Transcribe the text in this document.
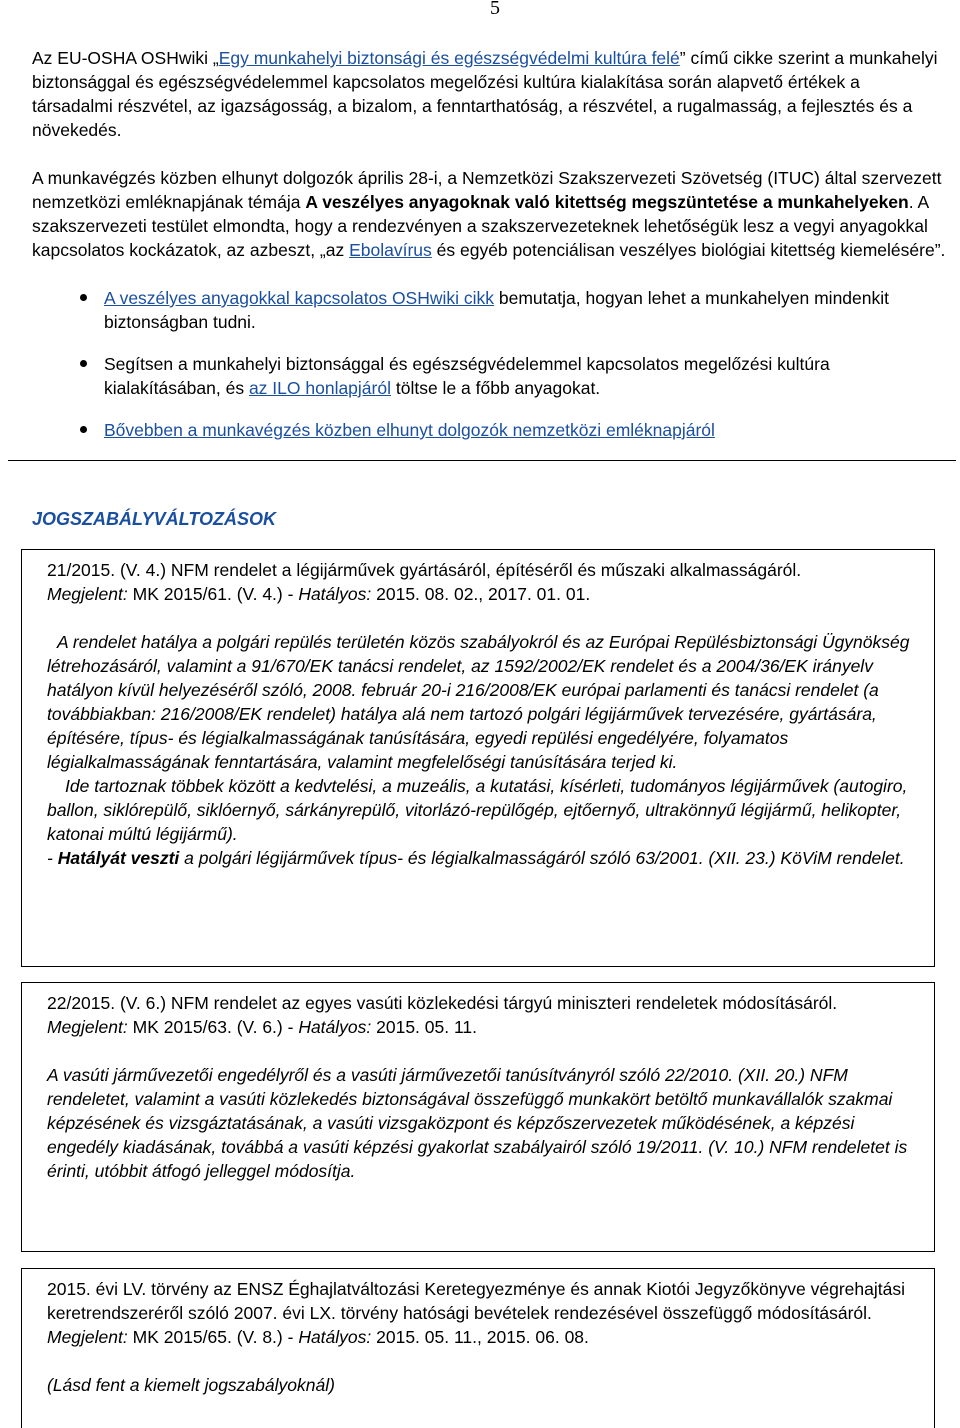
5
Az EU-OSHA OSHwiki „Egy munkahelyi biztonsági és egészségvédelmi kultúra felé” című cikke szerint a munkahelyi biztonsággal és egészségvédelemmel kapcsolatos megelőzési kultúra kialakítása során alapvető értékek a társadalmi részvétel, az igazságosság, a bizalom, a fenntarthatóság, a részvétel, a rugalmasság, a fejlesztés és a növekedés.
A munkavégzés közben elhunyt dolgozók április 28-i, a Nemzetközi Szakszervezeti Szövetség (ITUC) által szervezett nemzetközi emléknapjának témája A veszélyes anyagoknak való kitettség megszüntetése a munkahelyeken. A szakszervezeti testület elmondta, hogy a rendezvényen a szakszervezeteknek lehetőségük lesz a vegyi anyagokkal kapcsolatos kockázatok, az azbeszt, „az Ebolavírus és egyéb potenciálisan veszélyes biológiai kitettség kiemelésére”.
A veszélyes anyagokkal kapcsolatos OSHwiki cikk bemutatja, hogyan lehet a munkahelyen mindenkit biztonságban tudni.
Segítsen a munkahelyi biztonsággal és egészségvédelemmel kapcsolatos megelőzési kultúra kialakításában, és az ILO honlapjáról töltse le a főbb anyagokat.
Bővebben a munkavégzés közben elhunyt dolgozók nemzetközi emléknapjáról
JOGSZABÁLYVÁLTOZÁSOK
21/2015. (V. 4.) NFM rendelet a légijárművek gyártásáról, építéséről és műszaki alkalmasságáról.
Megjelent: MK 2015/61. (V. 4.) - Hatályos: 2015. 08. 02., 2017. 01. 01.
A rendelet hatálya a polgári repülés területén közös szabályokról és az Európai Repülésbiztonsági Ügynökség létrehozásáról, valamint a 91/670/EK tanácsi rendelet, az 1592/2002/EK rendelet és a 2004/36/EK irányelv hatályon kívül helyezéséről szóló, 2008. február 20-i 216/2008/EK európai parlamenti és tanácsi rendelet (a továbbiakban: 216/2008/EK rendelet) hatálya alá nem tartozó polgári légijárművek tervezésére, gyártására, építésére, típus- és légialkalmasságának tanúsítására, egyedi repülési engedélyére, folyamatos légialkalmasságának fenntartására, valamint megfelelőségi tanúsítására terjed ki.
Ide tartoznak többek között a kedvtelési, a muzeális, a kutatási, kísérleti, tudományos légijárművek (autogiro, ballon, siklórepülő, siklóernyő, sárkányrepülő, vitorlázó-repülőgép, ejtőernyő, ultrakönnyű légijármű, helikopter, katonai múltú légijármű).
- Hatályát veszti a polgári légijárművek típus- és légialkalmasságáról szóló 63/2001. (XII. 23.) KöViM rendelet.
22/2015. (V. 6.) NFM rendelet az egyes vasúti közlekedési tárgyú miniszteri rendeletek módosításáról.
Megjelent: MK 2015/63. (V. 6.) - Hatályos: 2015. 05. 11.
A vasúti járművezetői engedélyről és a vasúti járművezetői tanúsítványról szóló 22/2010. (XII. 20.) NFM rendeletet, valamint a vasúti közlekedés biztonságával összefüggő munkakört betöltő munkavállalók szakmai képzésének és vizsgáztatásának, a vasúti vizsgaközpont és képzőszervezetek működésének, a képzési engedély kiadásának, továbbá a vasúti képzési gyakorlat szabályairól szóló 19/2011. (V. 10.) NFM rendeletet is érinti, utóbbit átfogó jelleggel módosítja.
2015. évi LV. törvény az ENSZ Éghajlatváltozási Keretegyezménye és annak Kiotói Jegyzőkönyve végrehajtási keretrendszeréről szóló 2007. évi LX. törvény hatósági bevételek rendezésével összefüggő módosításáról.
Megjelent: MK 2015/65. (V. 8.) - Hatályos: 2015. 05. 11., 2015. 06. 08.
(Lásd fent a kiemelt jogszabályoknál)
